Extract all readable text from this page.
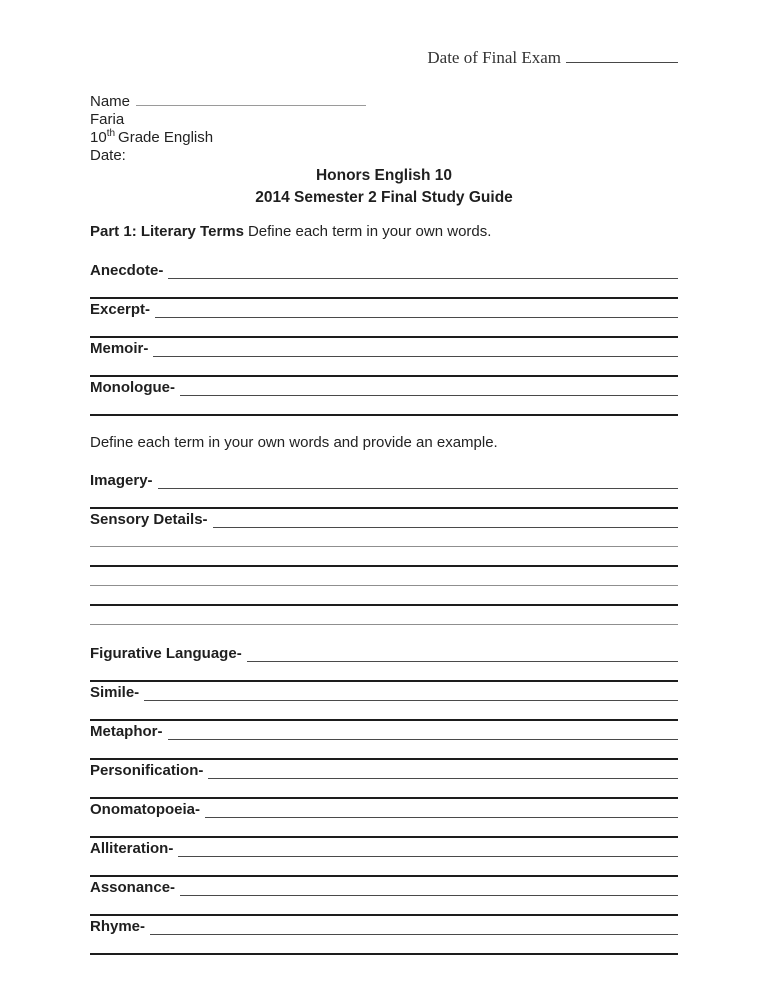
Date of Final Exam
Name
Faria
10th Grade English
Date:
Honors English 10
2014 Semester 2 Final Study Guide
Part 1: Literary Terms Define each term in your own words.
Anecdote-
Excerpt-
Memoir-
Monologue-
Define each term in your own words and provide an example.
Imagery-
Sensory Details-
Figurative Language-
Simile-
Metaphor-
Personification-
Onomatopoeia-
Alliteration-
Assonance-
Rhyme-
